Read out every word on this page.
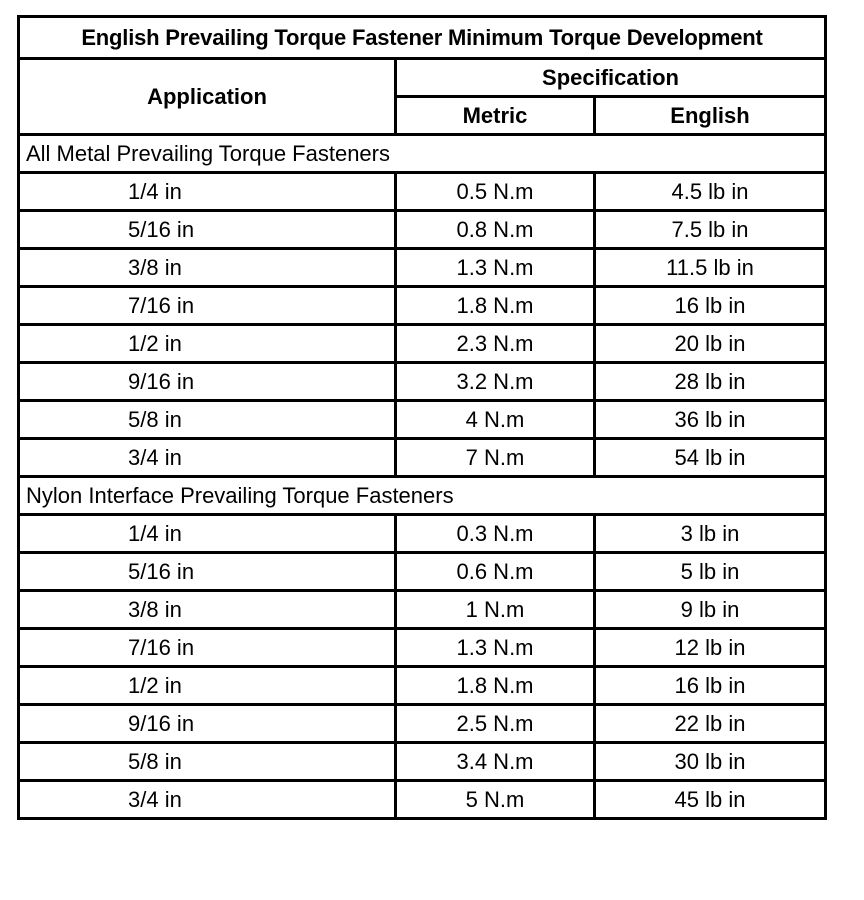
English Prevailing Torque Fastener Minimum Torque Development		
Application	Specification	
	Metric	English
All Metal Prevailing Torque Fasteners		
1/4 in	0.5 N.m	4.5 lb in
5/16 in	0.8 N.m	7.5 lb in
3/8 in	1.3 N.m	11.5 lb in
7/16 in	1.8 N.m	16 lb in
1/2 in	2.3 N.m	20 lb in
9/16 in	3.2 N.m	28 lb in
5/8 in	4 N.m	36 lb in
3/4 in	7 N.m	54 lb in
Nylon Interface Prevailing Torque Fasteners		
1/4 in	0.3 N.m	3 lb in
5/16 in	0.6 N.m	5 lb in
3/8 in	1 N.m	9 lb in
7/16 in	1.3 N.m	12 lb in
1/2 in	1.8 N.m	16 lb in
9/16 in	2.5 N.m	22 lb in
5/8 in	3.4 N.m	30 lb in
3/4 in	5 N.m	45 lb in
